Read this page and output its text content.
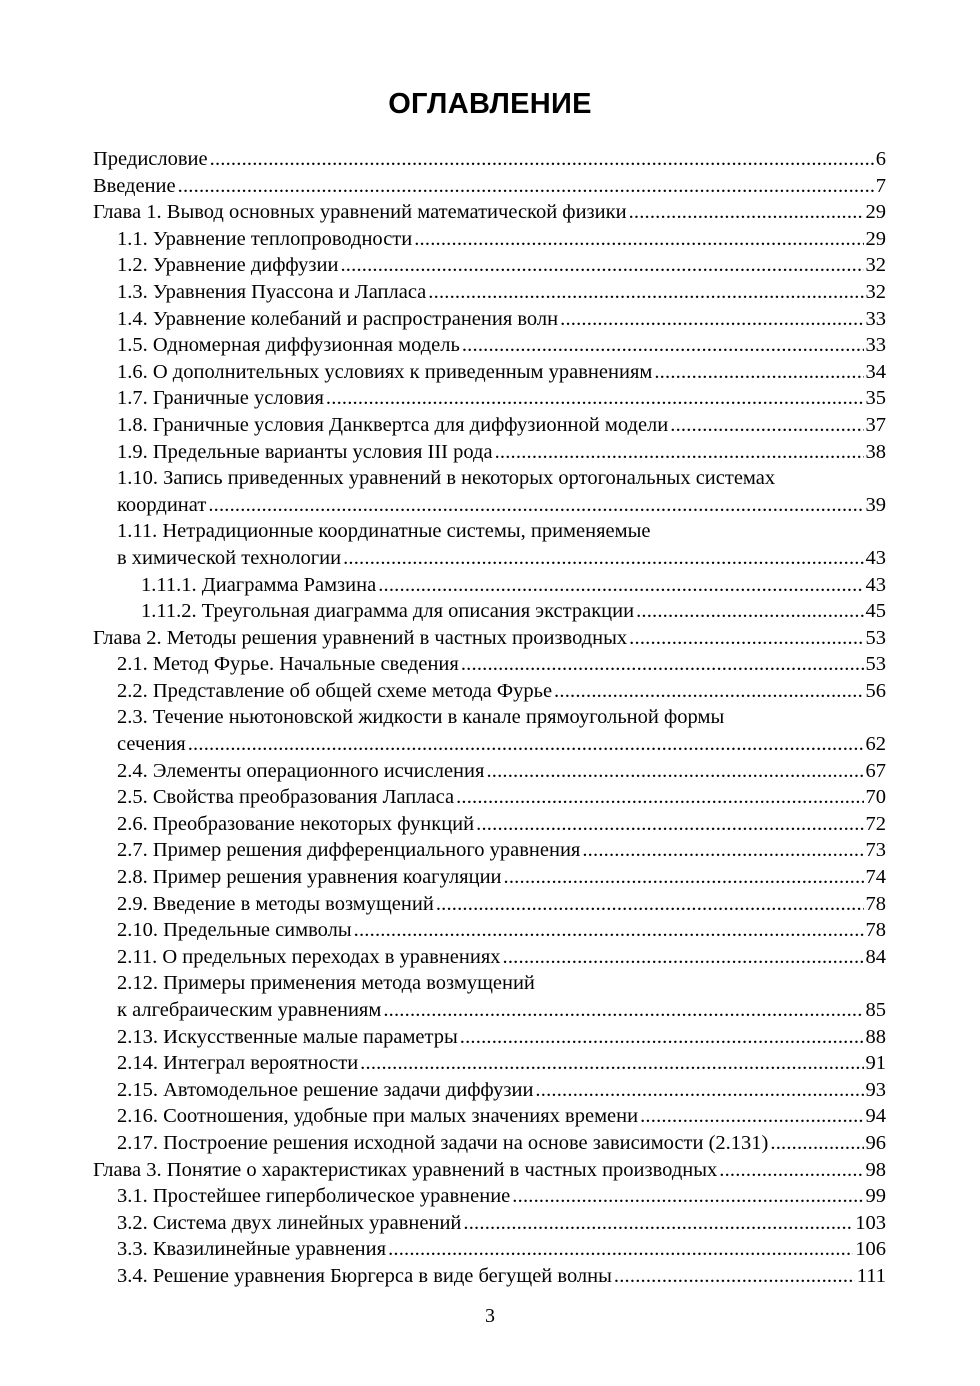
ОГЛАВЛЕНИЕ
Предисловие .....	6
Введение .....	7
Глава 1. Вывод основных уравнений математической физики .....	29
1.1. Уравнение теплопроводности .....	29
1.2. Уравнение диффузии .....	32
1.3. Уравнения Пуассона и Лапласа .....	32
1.4. Уравнение колебаний и распространения волн .....	33
1.5. Одномерная диффузионная модель .....	33
1.6. О дополнительных условиях к приведенным уравнениям .....	34
1.7. Граничные условия .....	35
1.8. Граничные условия Данквертса для диффузионной модели .....	37
1.9. Предельные варианты условия III рода .....	38
1.10. Запись приведенных уравнений в некоторых ортогональных системах
координат .....	39
1.11. Нетрадиционные координатные системы, применяемые
в химической технологии .....	43
1.11.1. Диаграмма Рамзина .....	43
1.11.2. Треугольная диаграмма для описания экстракции .....	45
Глава 2. Методы решения уравнений в частных производных .....	53
2.1. Метод Фурье. Начальные сведения .....	53
2.2. Представление об общей схеме метода Фурье .....	56
2.3. Течение ньютоновской жидкости в канале прямоугольной формы
сечения .....	62
2.4. Элементы операционного исчисления .....	67
2.5. Свойства преобразования Лапласа .....	70
2.6. Преобразование некоторых функций .....	72
2.7. Пример решения дифференциального уравнения .....	73
2.8. Пример решения уравнения коагуляции .....	74
2.9. Введение в методы возмущений .....	78
2.10. Предельные символы .....	78
2.11. О предельных переходах в уравнениях .....	84
2.12. Примеры применения метода возмущений
к алгебраическим уравнениям .....	85
2.13. Искусственные малые параметры .....	88
2.14. Интеграл вероятности .....	91
2.15. Автомодельное решение задачи диффузии .....	93
2.16. Соотношения, удобные при малых значениях времени .....	94
2.17. Построение решения исходной задачи на основе зависимости (2.131) .....	96
Глава 3. Понятие о характеристиках уравнений в частных производных .....	98
3.1. Простейшее гиперболическое уравнение .....	99
3.2. Система двух линейных уравнений .....	103
3.3. Квазилинейные уравнения .....	106
3.4. Решение уравнения Бюргерса в виде бегущей волны .....	111
3
